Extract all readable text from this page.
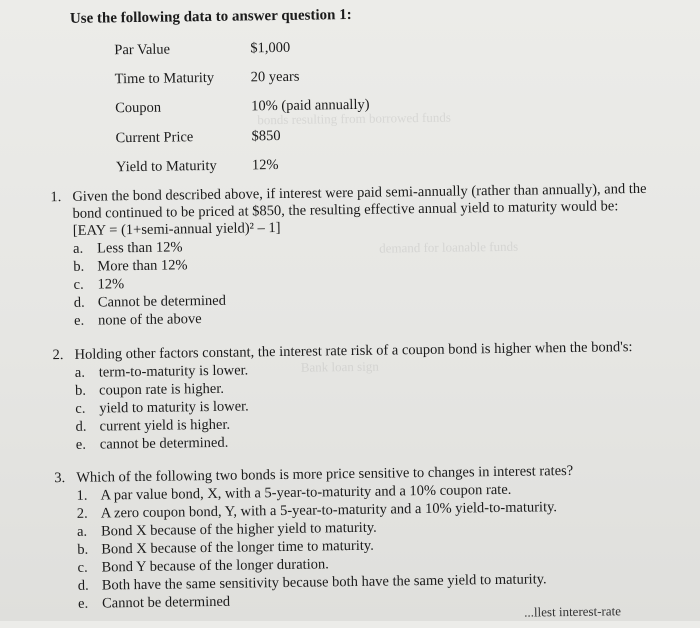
bonds resulting from borrowed funds
demand for loanable funds
Bank loan sign
Use the following data to answer question 1:
Par Value	$1,000
Time to Maturity	20 years
Coupon	10% (paid annually)
Current Price	$850
Yield to Maturity 12%
1. Given the bond described above, if interest were paid semi-annually (rather than annually), and the
bond continued to be priced at $850, the resulting effective annual yield to maturity would be:
[EAY = (1+semi-annual yield)² – 1]
a. Less than 12%
b. More than 12%
c. 12%
d. Cannot be determined
e. none of the above
2. Holding other factors constant, the interest rate risk of a coupon bond is higher when the bond's:
a. term-to-maturity is lower.
b. coupon rate is higher.
c. yield to maturity is lower.
d. current yield is higher.
e. cannot be determined.
3. Which of the following two bonds is more price sensitive to changes in interest rates?
1. A par value bond, X, with a 5-year-to-maturity and a 10% coupon rate.
2. A zero coupon bond, Y, with a 5-year-to-maturity and a 10% yield-to-maturity.
a. Bond X because of the higher yield to maturity.
b. Bond X because of the longer time to maturity.
c. Bond Y because of the longer duration.
d. Both have the same sensitivity because both have the same yield to maturity.
e. Cannot be determined	...llest interest-rate
